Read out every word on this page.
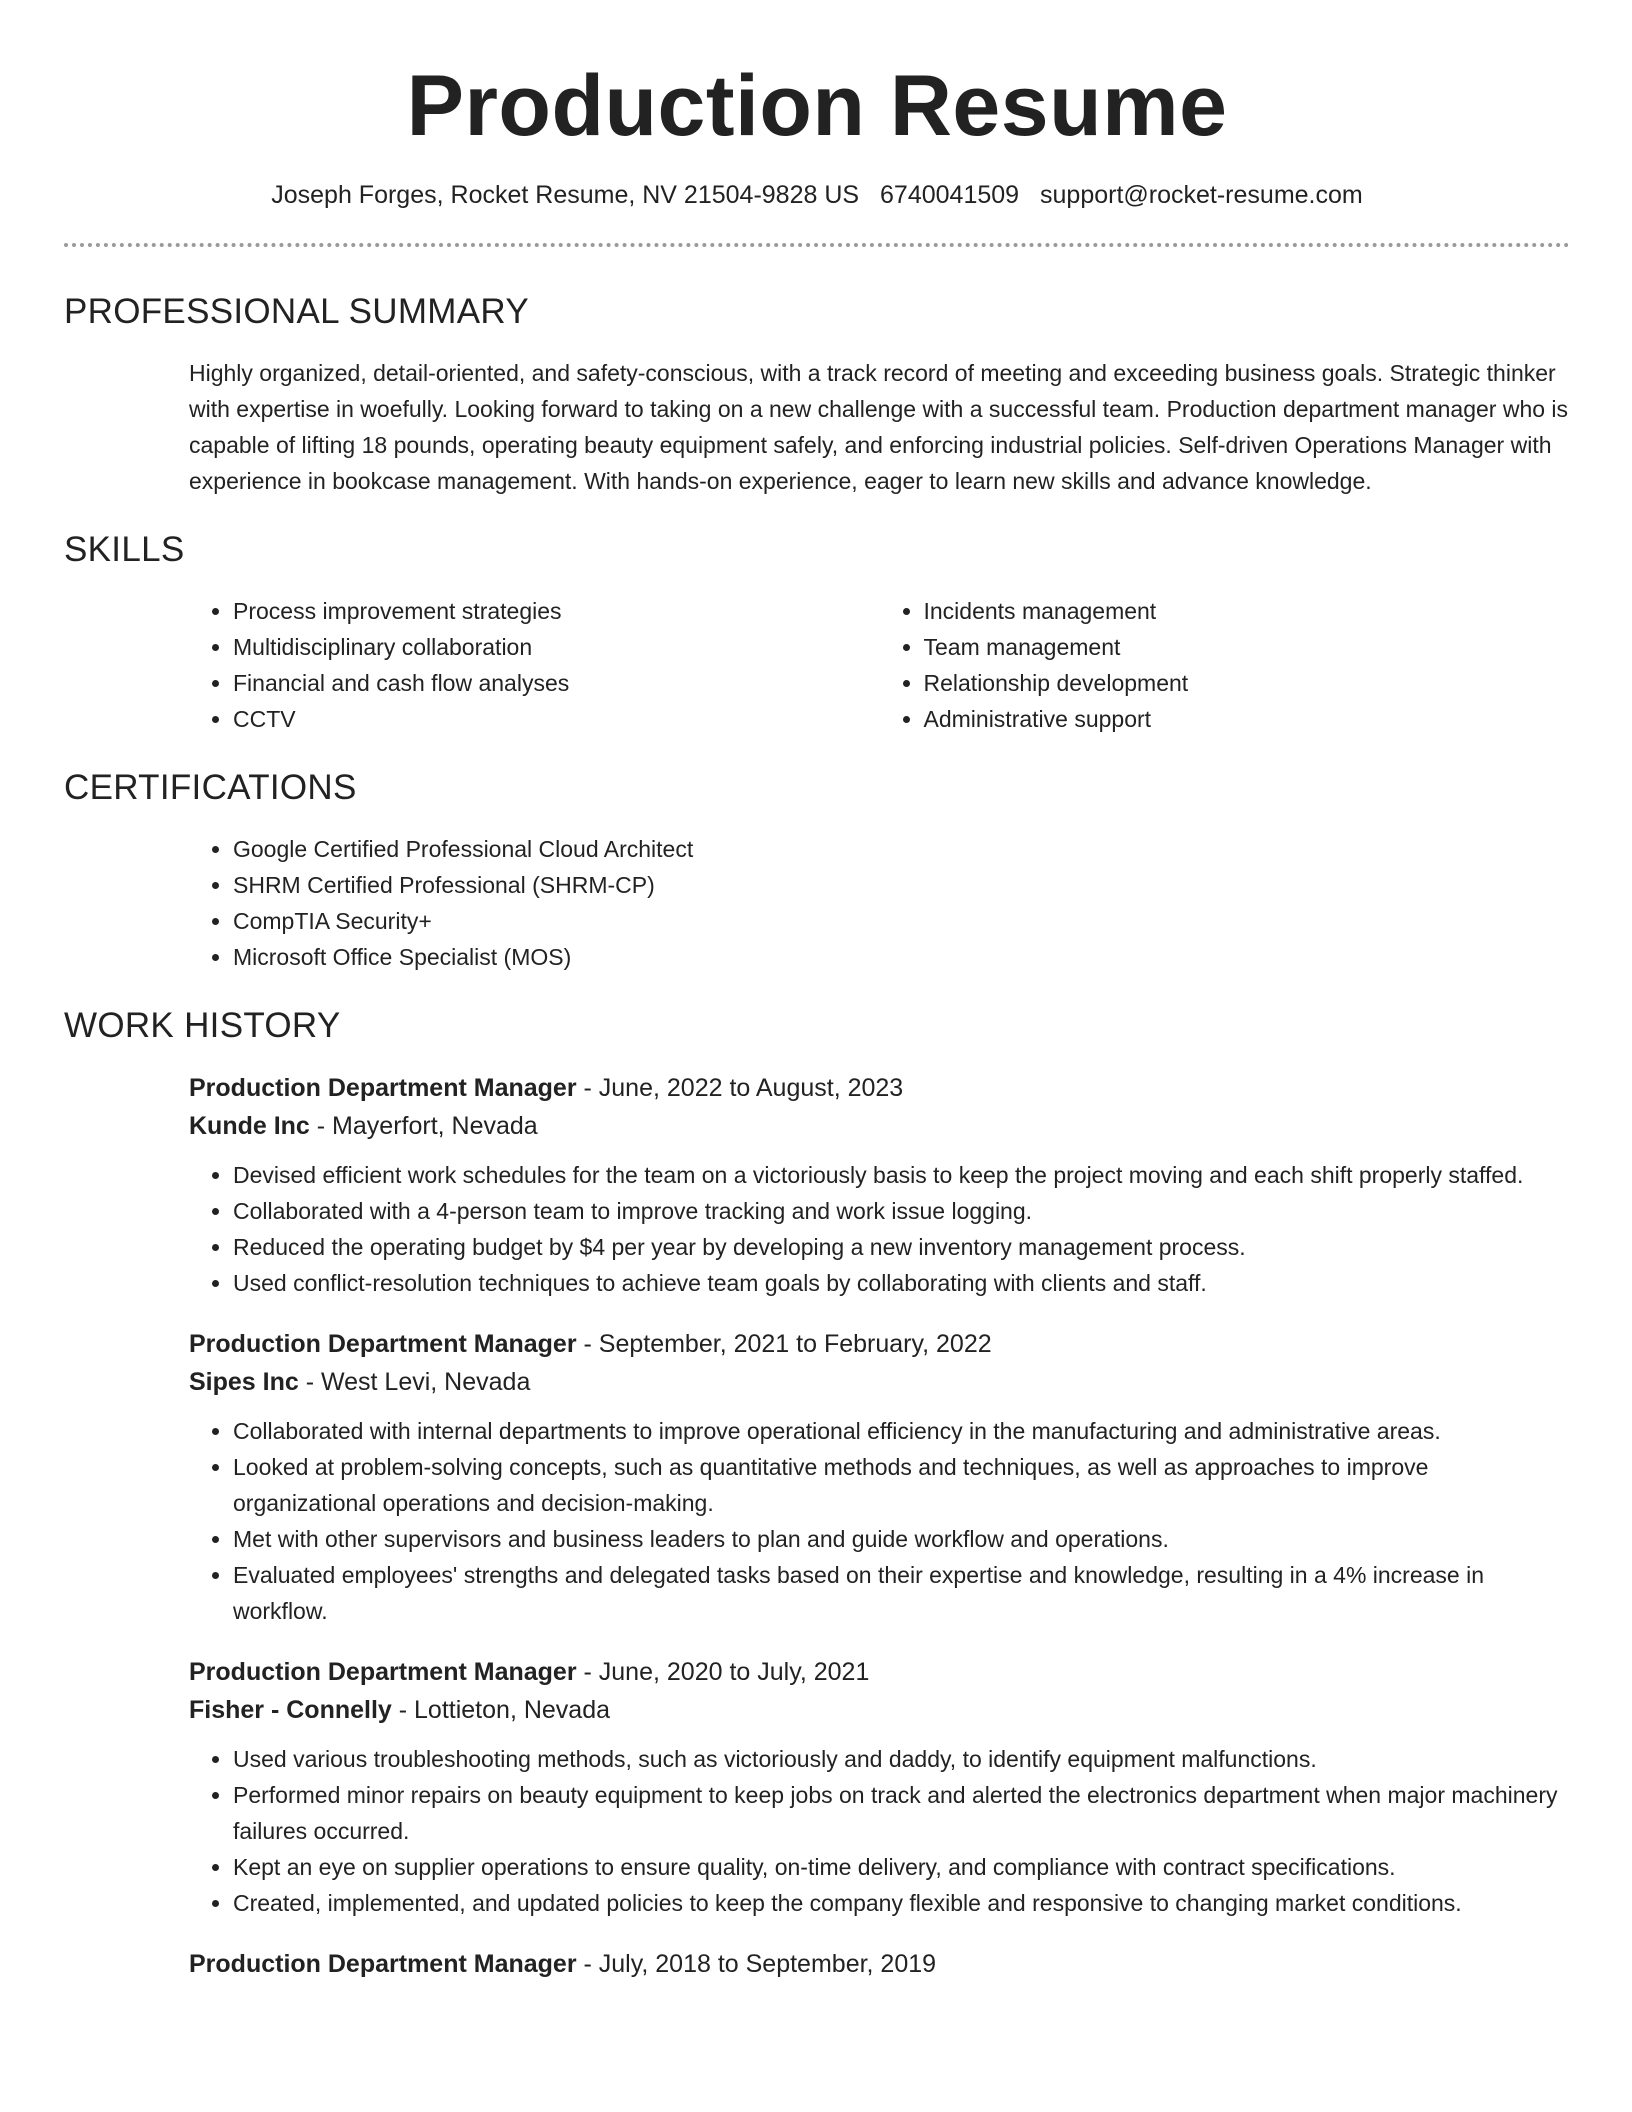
Production Resume
Joseph Forges, Rocket Resume, NV 21504-9828 US 6740041509 support@rocket-resume.com
PROFESSIONAL SUMMARY

Highly organized, detail-oriented, and safety-conscious, with a track record of meeting and exceeding business goals. Strategic thinker with expertise in woefully. Looking forward to taking on a new challenge with a successful team. Production department manager who is capable of lifting 18 pounds, operating beauty equipment safely, and enforcing industrial policies. Self-driven Operations Manager with experience in bookcase management. With hands-on experience, eager to learn new skills and advance knowledge.

SKILLS
• Process improvement strategies
• Multidisciplinary collaboration
• Financial and cash flow analyses
• CCTV
• Incidents management
• Team management
• Relationship development
• Administrative support
CERTIFICATIONS
• Google Certified Professional Cloud Architect
• SHRM Certified Professional (SHRM-CP)
• CompTIA Security+
• Microsoft Office Specialist (MOS)
WORK HISTORY
Production Department Manager - June, 2022 to August, 2023
Kunde Inc - Mayerfort, Nevada
• Devised efficient work schedules for the team on a victoriously basis to keep the project moving and each shift properly staffed.
• Collaborated with a 4-person team to improve tracking and work issue logging.
• Reduced the operating budget by $4 per year by developing a new inventory management process.
• Used conflict-resolution techniques to achieve team goals by collaborating with clients and staff.
Production Department Manager - September, 2021 to February, 2022
Sipes Inc - West Levi, Nevada
• Collaborated with internal departments to improve operational efficiency in the manufacturing and administrative areas.
• Looked at problem-solving concepts, such as quantitative methods and techniques, as well as approaches to improve organizational operations and decision-making.
• Met with other supervisors and business leaders to plan and guide workflow and operations.
• Evaluated employees' strengths and delegated tasks based on their expertise and knowledge, resulting in a 4% increase in workflow.
Production Department Manager - June, 2020 to July, 2021
Fisher - Connelly - Lottieton, Nevada
• Used various troubleshooting methods, such as victoriously and daddy, to identify equipment malfunctions.
• Performed minor repairs on beauty equipment to keep jobs on track and alerted the electronics department when major machinery failures occurred.
• Kept an eye on supplier operations to ensure quality, on-time delivery, and compliance with contract specifications.
• Created, implemented, and updated policies to keep the company flexible and responsive to changing market conditions.
Production Department Manager - July, 2018 to September, 2019
